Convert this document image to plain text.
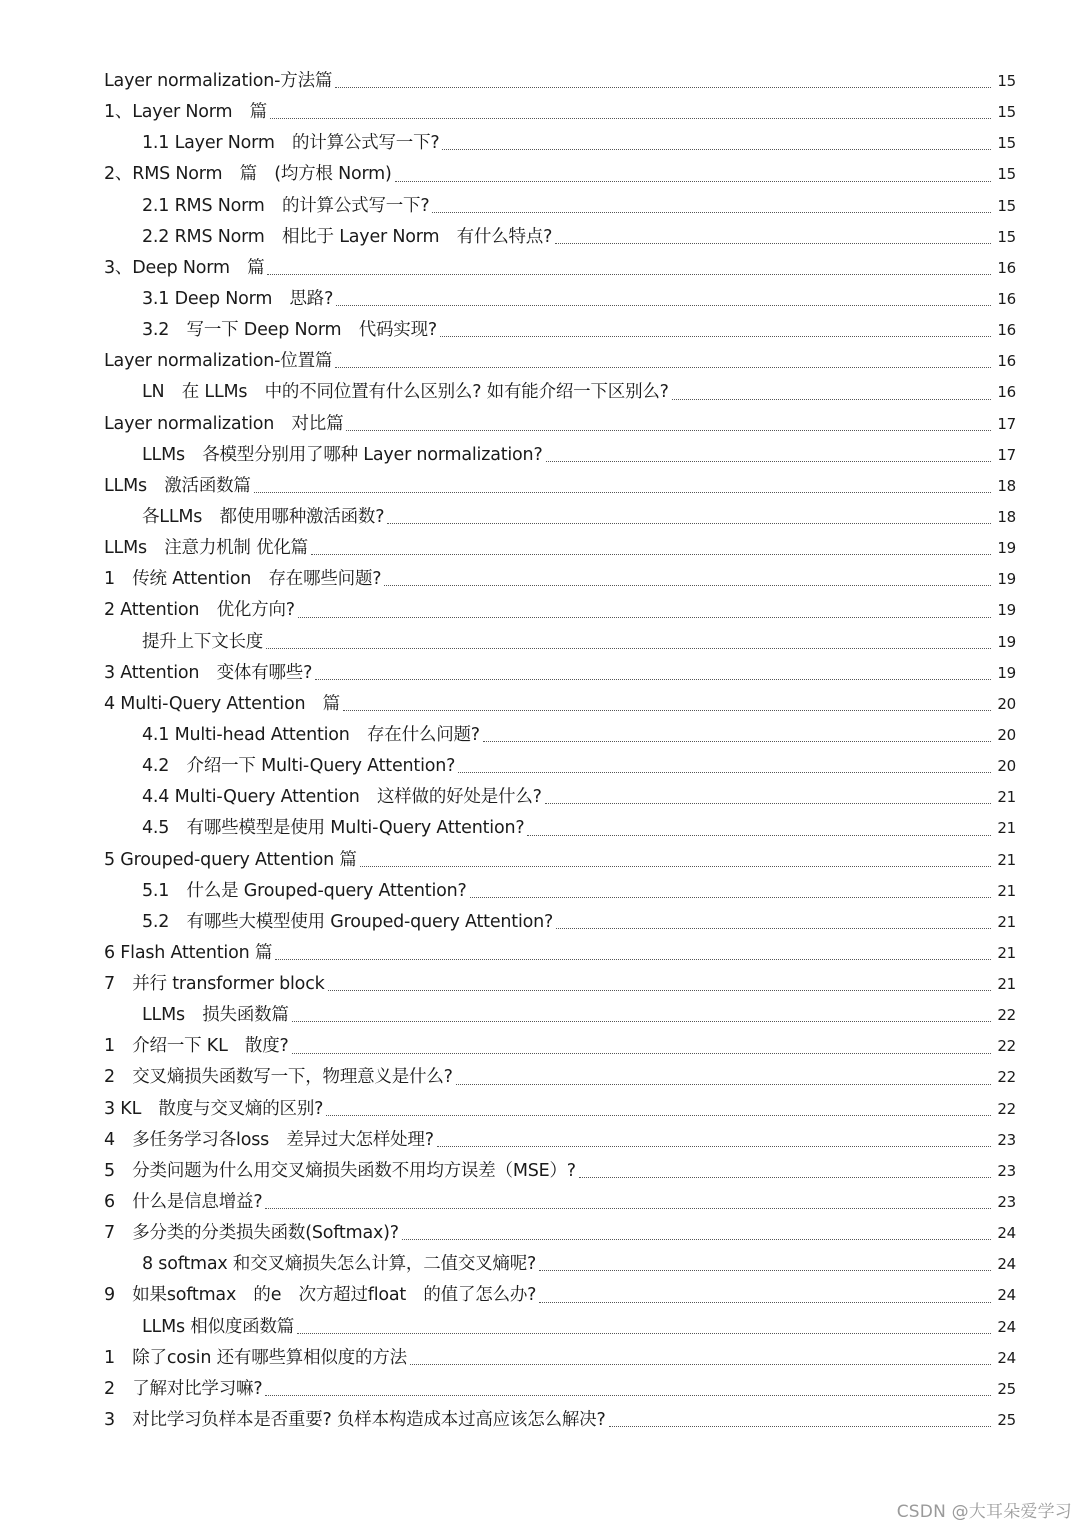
Layer normalization-方法篇	15
1、Layer Norm　篇	15
1.1 Layer Norm　的计算公式写一下?	15
2、RMS Norm　篇　(均方根 Norm)	15
2.1 RMS Norm　的计算公式写一下?	15
2.2 RMS Norm　相比于 Layer Norm　有什么特点?	15
3、Deep Norm　篇	16
3.1 Deep Norm　思路?	16
3.2　写一下 Deep Norm　代码实现?	16
Layer normalization-位置篇	16
LN　在 LLMs　中的不同位置有什么区别么? 如有能介绍一下区别么?	16
Layer normalization　对比篇	17
LLMs　各模型分别用了哪种 Layer normalization?	17
LLMs　激活函数篇	18
各LLMs　都使用哪种激活函数?	18
LLMs　注意力机制 优化篇	19
1　传统 Attention　存在哪些问题?	19
2 Attention　优化方向?	19
提升上下文长度	19
3 Attention　变体有哪些?	19
4 Multi-Query Attention　篇	20
4.1 Multi-head Attention　存在什么问题?	20
4.2　介绍一下 Multi-Query Attention?	20
4.4 Multi-Query Attention　这样做的好处是什么?	21
4.5　有哪些模型是使用 Multi-Query Attention?	21
5 Grouped-query Attention 篇	21
5.1　什么是 Grouped-query Attention?	21
5.2　有哪些大模型使用 Grouped-query Attention?	21
6 Flash Attention 篇	21
7　并行 transformer block	21
LLMs　损失函数篇	22
1　介绍一下 KL　散度?	22
2　交叉熵损失函数写一下，物理意义是什么?	22
3 KL　散度与交叉熵的区别?	22
4　多任务学习各loss　差异过大怎样处理?	23
5　分类问题为什么用交叉熵损失函数不用均方误差（MSE）?	23
6　什么是信息增益?	23
7　多分类的分类损失函数(Softmax)?	24
8 softmax 和交叉熵损失怎么计算，二值交叉熵呢?	24
9　如果softmax　的e　次方超过float　的值了怎么办?	24
LLMs 相似度函数篇	24
1　除了cosin 还有哪些算相似度的方法	24
2　了解对比学习嘛?	25
3　对比学习负样本是否重要? 负样本构造成本过高应该怎么解决?	25
CSDN @大耳朵爱学习
